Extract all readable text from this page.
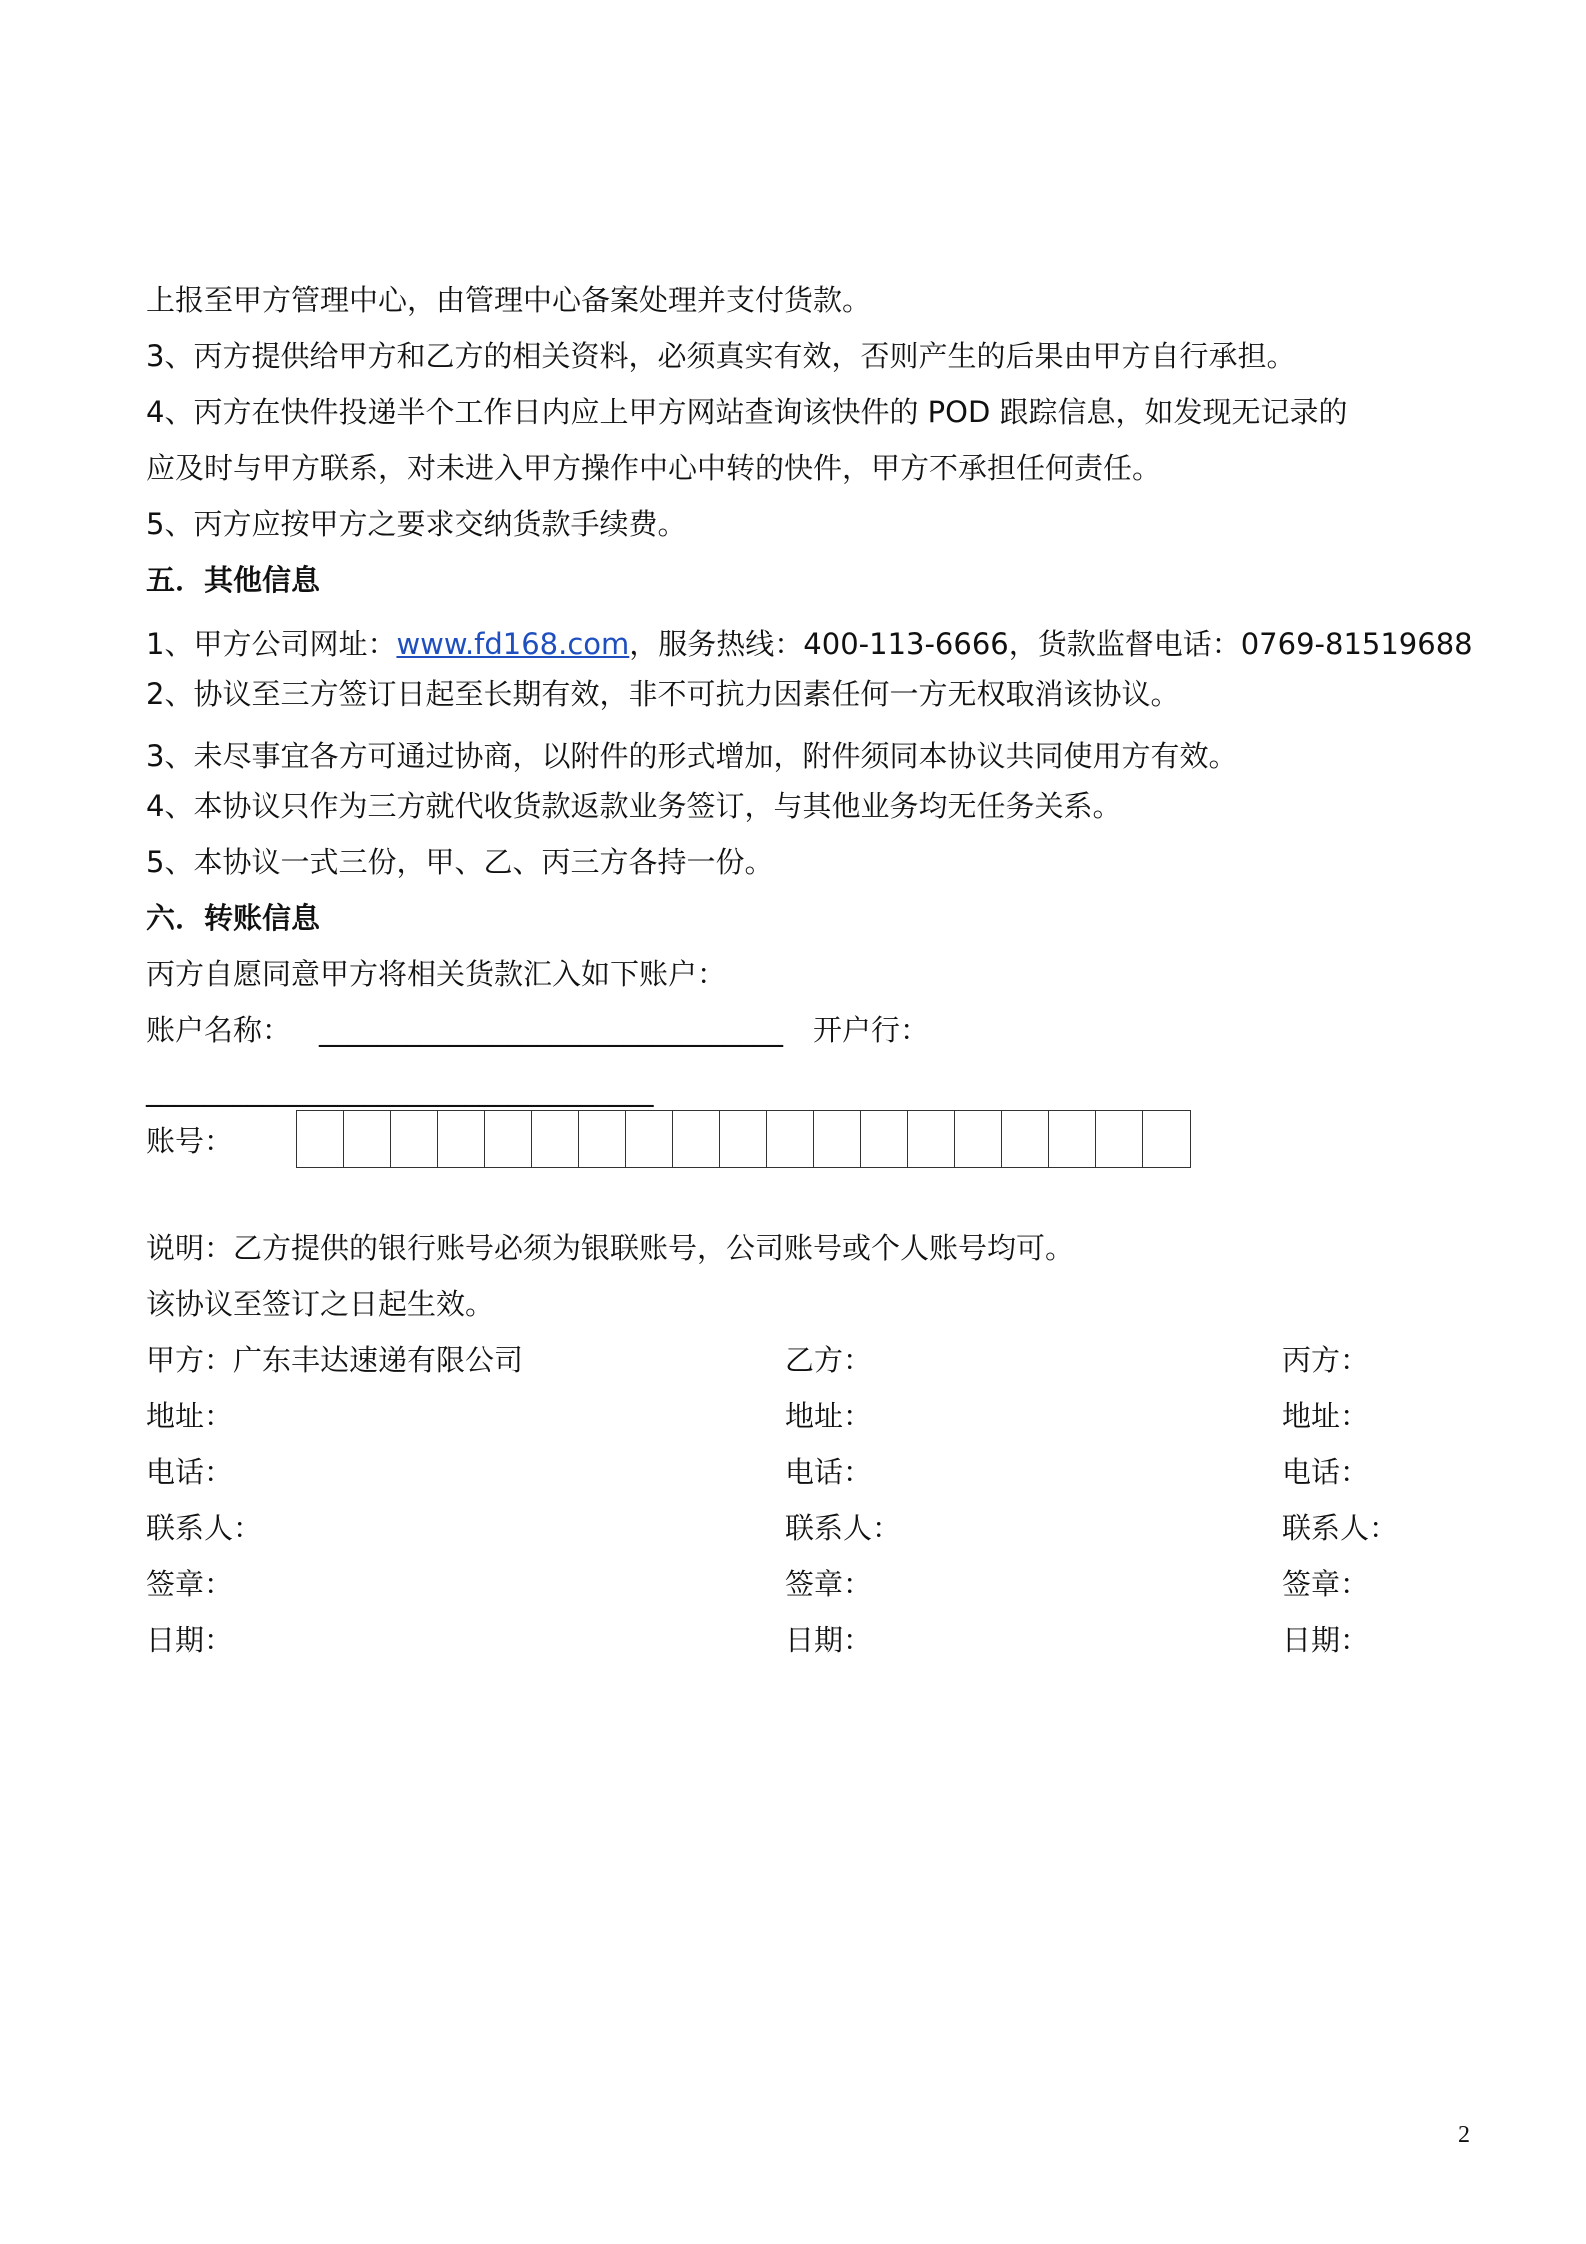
上报至甲方管理中心，由管理中心备案处理并支付货款。
3、丙方提供给甲方和乙方的相关资料，必须真实有效，否则产生的后果由甲方自行承担。
4、丙方在快件投递半个工作日内应上甲方网站查询该快件的 POD 跟踪信息，如发现无记录的
应及时与甲方联系，对未进入甲方操作中心中转的快件，甲方不承担任何责任。
5、丙方应按甲方之要求交纳货款手续费。
五．其他信息
1、甲方公司网址：www.fd168.com，服务热线：400-113-6666，货款监督电话：0769-81519688
2、协议至三方签订日起至长期有效，非不可抗力因素任何一方无权取消该协议。
3、未尽事宜各方可通过协商，以附件的形式增加，附件须同本协议共同使用方有效。
4、本协议只作为三方就代收货款返款业务签订，与其他业务均无任务关系。
5、本协议一式三份，甲、乙、丙三方各持一份。
六．转账信息
丙方自愿同意甲方将相关货款汇入如下账户：
账户名称： ________________________________ 开户行：
___________________________________
账号：
说明：乙方提供的银行账号必须为银联账号，公司账号或个人账号均可。
该协议至签订之日起生效。
甲方：广东丰达速递有限公司
地址：
电话：
联系人：
签章：
日期：
乙方：
地址：
电话：
联系人：
签章：
日期：
丙方：
地址：
电话：
联系人：
签章：
日期：
2
